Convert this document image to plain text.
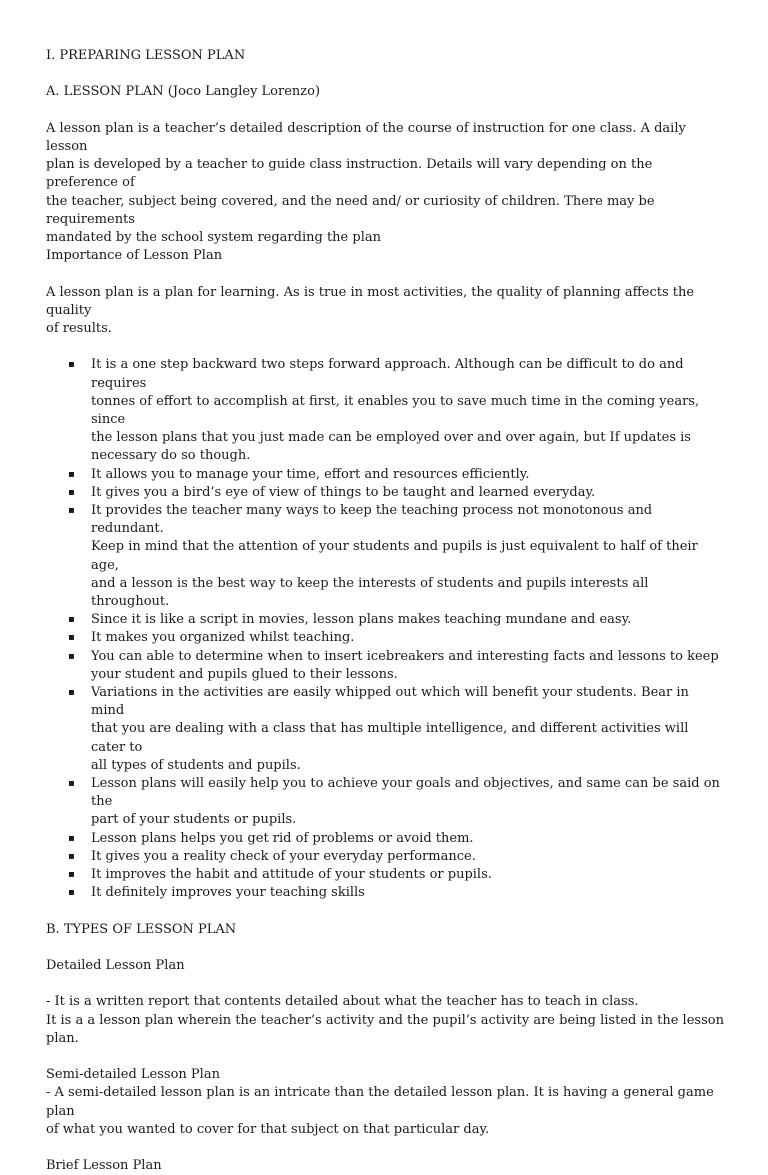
I. PREPARING LESSON PLAN
A. LESSON PLAN (Joco Langley Lorenzo)
A lesson plan is a teacher’s detailed description of the course of instruction for one class. A daily lesson
plan is developed by a teacher to guide class instruction. Details will vary depending on the preference of
the teacher, subject being covered, and the need and/ or curiosity of children. There may be requirements
mandated by the school system regarding the plan
Importance of Lesson Plan
A lesson plan is a plan for learning. As is true in most activities, the quality of planning affects the quality
of results.
▪ It is a one step backward two steps forward approach. Although can be difficult to do and requires
tonnes of effort to accomplish at first, it enables you to save much time in the coming years, since
the lesson plans that you just made can be employed over and over again, but If updates is
necessary do so though.
▪ It allows you to manage your time, effort and resources efficiently.
▪ It gives you a bird’s eye of view of things to be taught and learned everyday.
▪ It provides the teacher many ways to keep the teaching process not monotonous and redundant.
Keep in mind that the attention of your students and pupils is just equivalent to half of their age,
and a lesson is the best way to keep the interests of students and pupils interests all throughout.
▪ Since it is like a script in movies, lesson plans makes teaching mundane and easy.
▪ It makes you organized whilst teaching.
▪ You can able to determine when to insert icebreakers and interesting facts and lessons to keep
your student and pupils glued to their lessons.
▪ Variations in the activities are easily whipped out which will benefit your students. Bear in mind
that you are dealing with a class that has multiple intelligence, and different activities will cater to
all types of students and pupils.
▪ Lesson plans will easily help you to achieve your goals and objectives, and same can be said on the
part of your students or pupils.
▪ Lesson plans helps you get rid of problems or avoid them.
▪ It gives you a reality check of your everyday performance.
▪ It improves the habit and attitude of your students or pupils.
▪ It definitely improves your teaching skills
B. TYPES OF LESSON PLAN
Detailed Lesson Plan
- It is a written report that contents detailed about what the teacher has to teach in class.
It is a a lesson plan wherein the teacher’s activity and the pupil’s activity are being listed in the lesson
plan.
Semi-detailed Lesson Plan
- A semi-detailed lesson plan is an intricate than the detailed lesson plan. It is having a general game plan
of what you wanted to cover for that subject on that particular day.
Brief Lesson Plan
